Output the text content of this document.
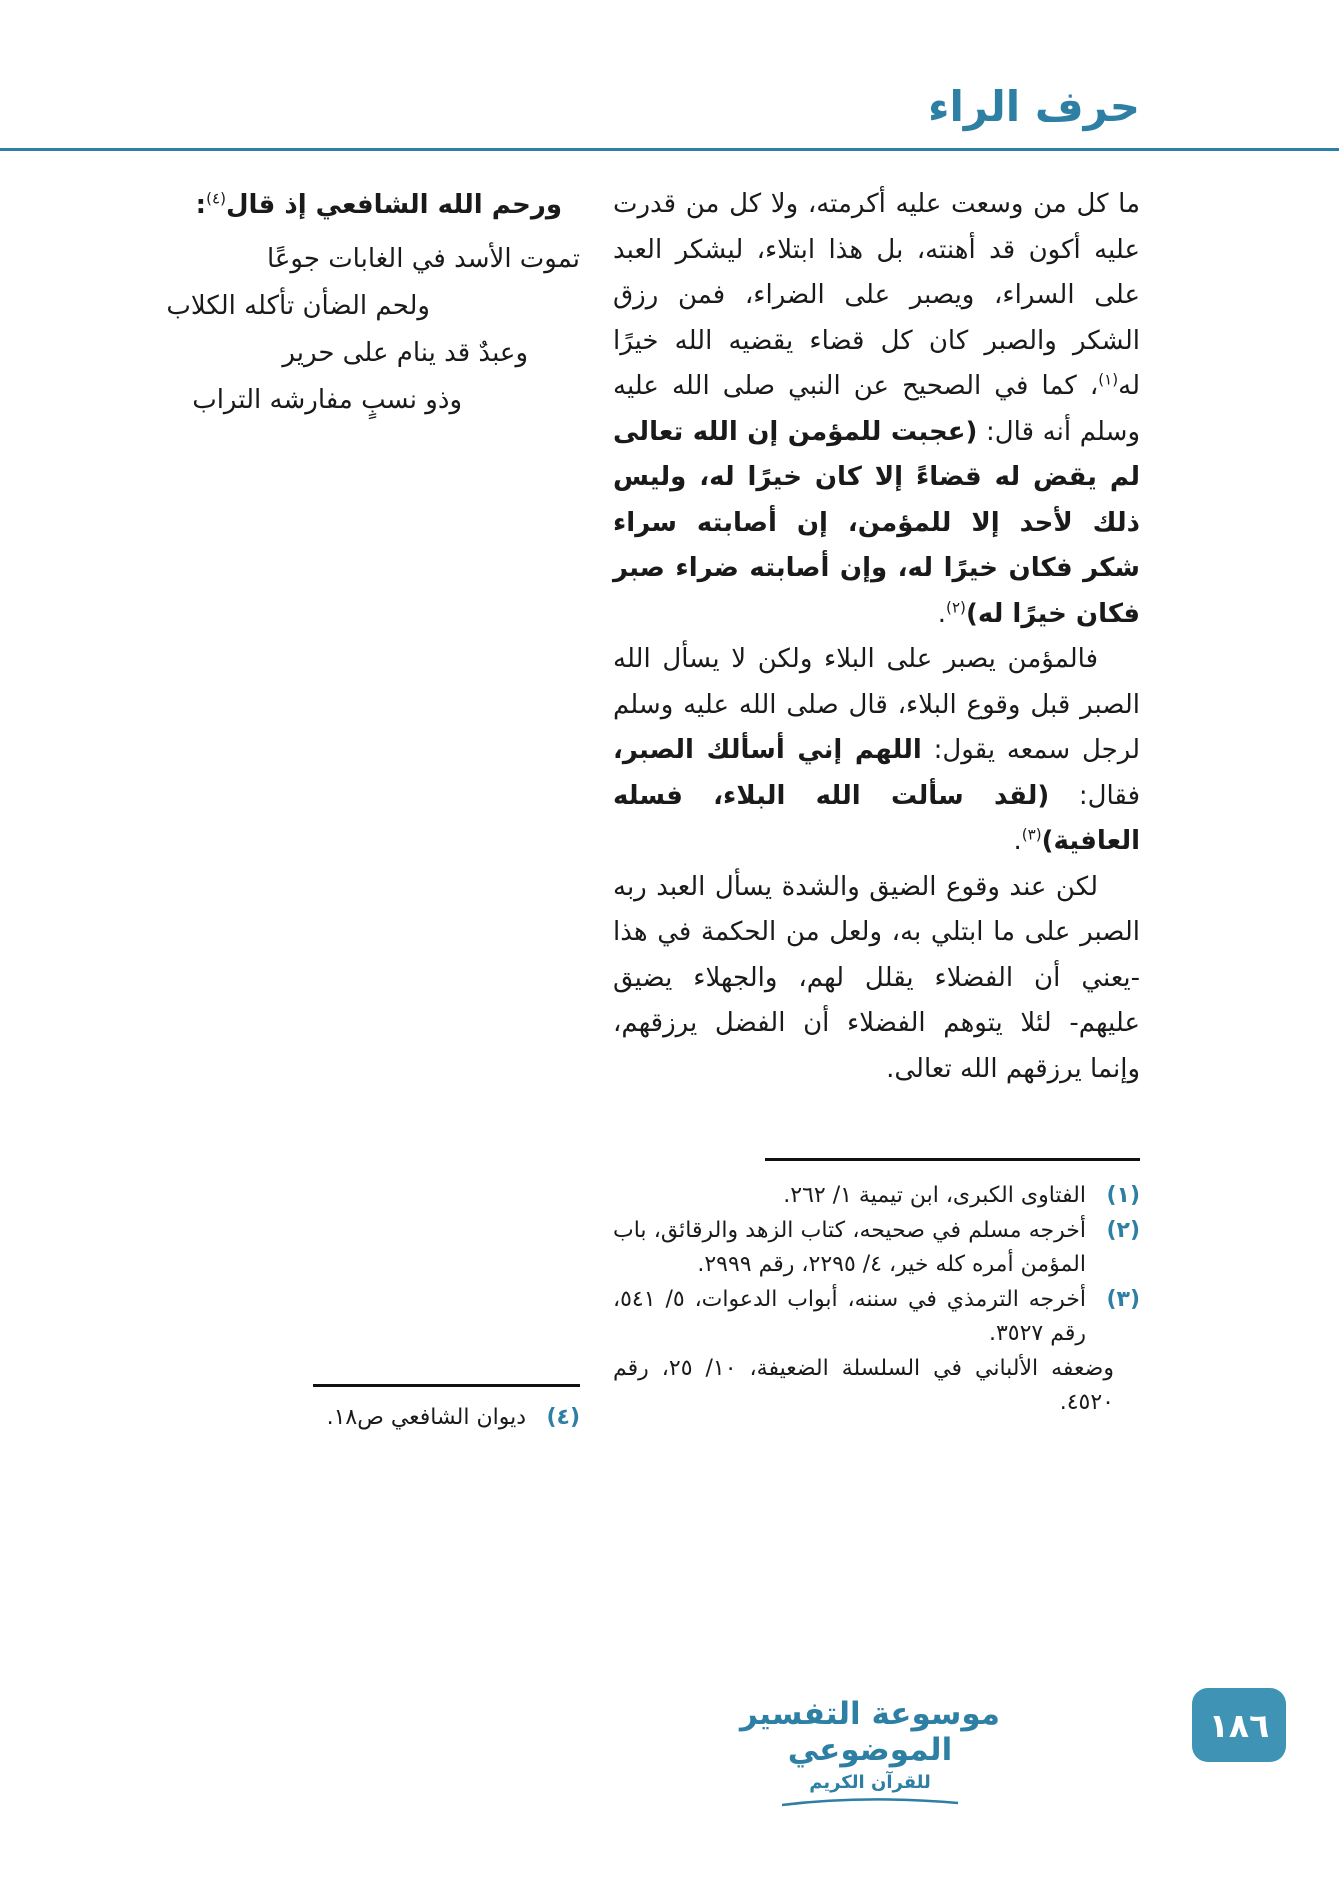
حرف الراء

ما كل من وسعت عليه أكرمته، ولا كل من قدرت عليه أكون قد أهنته، بل هذا ابتلاء، ليشكر العبد على السراء، ويصبر على الضراء، فمن رزق الشكر والصبر كان كل قضاء يقضيه الله خيرًا له$^{(١)}$، كما في الصحيح عن النبي صلى الله عليه وسلم أنه قال: (عجبت للمؤمن إن الله تعالى لم يقض له قضاءً إلا كان خيرًا له، وليس ذلك لأحد إلا للمؤمن، إن أصابته سراء شكر فكان خيرًا له، وإن أصابته ضراء صبر فكان خيرًا له)$^{(٢)}$.

فالمؤمن يصبر على البلاء ولكن لا يسأل الله الصبر قبل وقوع البلاء، قال صلى الله عليه وسلم لرجل سمعه يقول: اللهم إني أسألك الصبر، فقال: (لقد سألت الله البلاء، فسله العافية)$^{(٣)}$.

لكن عند وقوع الضيق والشدة يسأل العبد ربه الصبر على ما ابتلي به، ولعل من الحكمة في هذا -يعني أن الفضلاء يقلل لهم، والجهلاء يضيق عليهم- لئلا يتوهم الفضلاء أن الفضل يرزقهم، وإنما يرزقهم الله تعالى.

ورحم الله الشافعي إذ قال$^{(٤)}$:

تموت الأسد في الغابات جوعًا
ولحم الضأن تأكله الكلاب
وعبدٌ قد ينام على حرير
وذو نسبٍ مفارشه التراب
(١)
الفتاوى الكبرى، ابن تيمية ١/ ٢٦٢.
(٢)
أخرجه مسلم في صحيحه، كتاب الزهد والرقائق، باب المؤمن أمره كله خير، ٤/ ٢٢٩٥، رقم ٢٩٩٩.
(٣)
أخرجه الترمذي في سننه، أبواب الدعوات، ٥/ ٥٤١، رقم ٣٥٢٧.
وضعفه الألباني في السلسلة الضعيفة، ١٠/ ٢٥، رقم ٤٥٢٠.
(٤)
ديوان الشافعي ص١٨.
موسوعة التفسير الموضوعي
للقرآن الكريم
١٨٦
